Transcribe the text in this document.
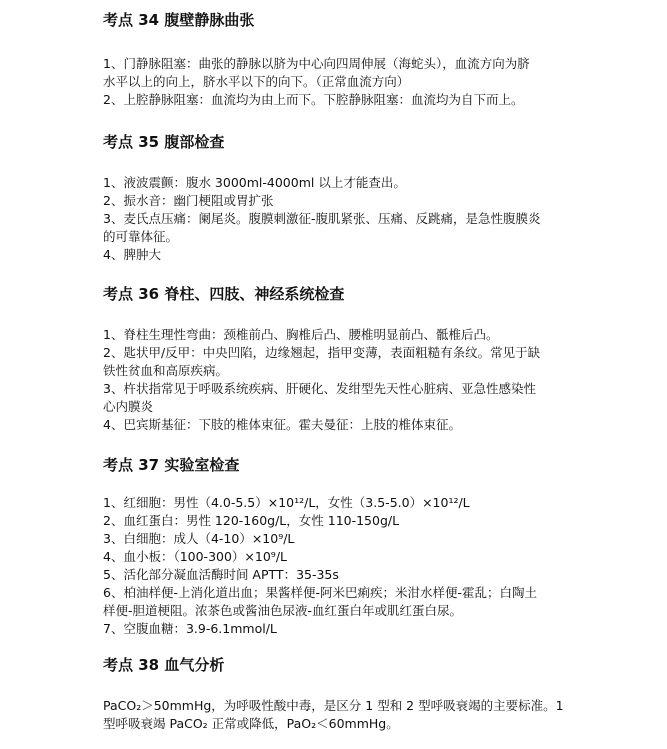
考点 34 腹壁静脉曲张
1、门静脉阻塞：曲张的静脉以脐为中心向四周伸展（海蛇头），血流方向为脐
水平以上的向上，脐水平以下的向下。（正常血流方向）
2、上腔静脉阻塞：血流均为由上而下。下腔静脉阻塞：血流均为自下而上。
考点 35 腹部检查
1、液波震颤：腹水 3000ml-4000ml 以上才能查出。
2、振水音：幽门梗阻或胃扩张
3、麦氏点压痛：阑尾炎。腹膜刺激征-腹肌紧张、压痛、反跳痛，是急性腹膜炎
的可靠体征。
4、脾肿大
考点 36 脊柱、四肢、神经系统检查
1、脊柱生理性弯曲：颈椎前凸、胸椎后凸、腰椎明显前凸、骶椎后凸。
2、匙状甲/反甲：中央凹陷，边缘翘起，指甲变薄，表面粗糙有条纹。常见于缺
铁性贫血和高原疾病。
3、杵状指常见于呼吸系统疾病、肝硬化、发绀型先天性心脏病、亚急性感染性
心内膜炎
4、巴宾斯基征：下肢的椎体束征。霍夫曼征：上肢的椎体束征。
考点 37 实验室检查
1、红细胞：男性（4.0-5.5）×10¹²/L，女性（3.5-5.0）×10¹²/L
2、血红蛋白：男性 120-160g/L，女性 110-150g/L
3、白细胞：成人（4-10）×10⁹/L
4、血小板：（100-300）×10⁹/L
5、活化部分凝血活酶时间 APTT：35-35s
6、柏油样便-上消化道出血；果酱样便-阿米巴痢疾；米泔水样便-霍乱；白陶土
样便-胆道梗阻。浓茶色或酱油色尿液-血红蛋白年或肌红蛋白尿。
7、空腹血糖：3.9-6.1mmol/L
考点 38 血气分析
PaCO₂＞50mmHg，为呼吸性酸中毒，是区分 1 型和 2 型呼吸衰竭的主要标准。1
型呼吸衰竭 PaCO₂ 正常或降低，PaO₂＜60mmHg。
